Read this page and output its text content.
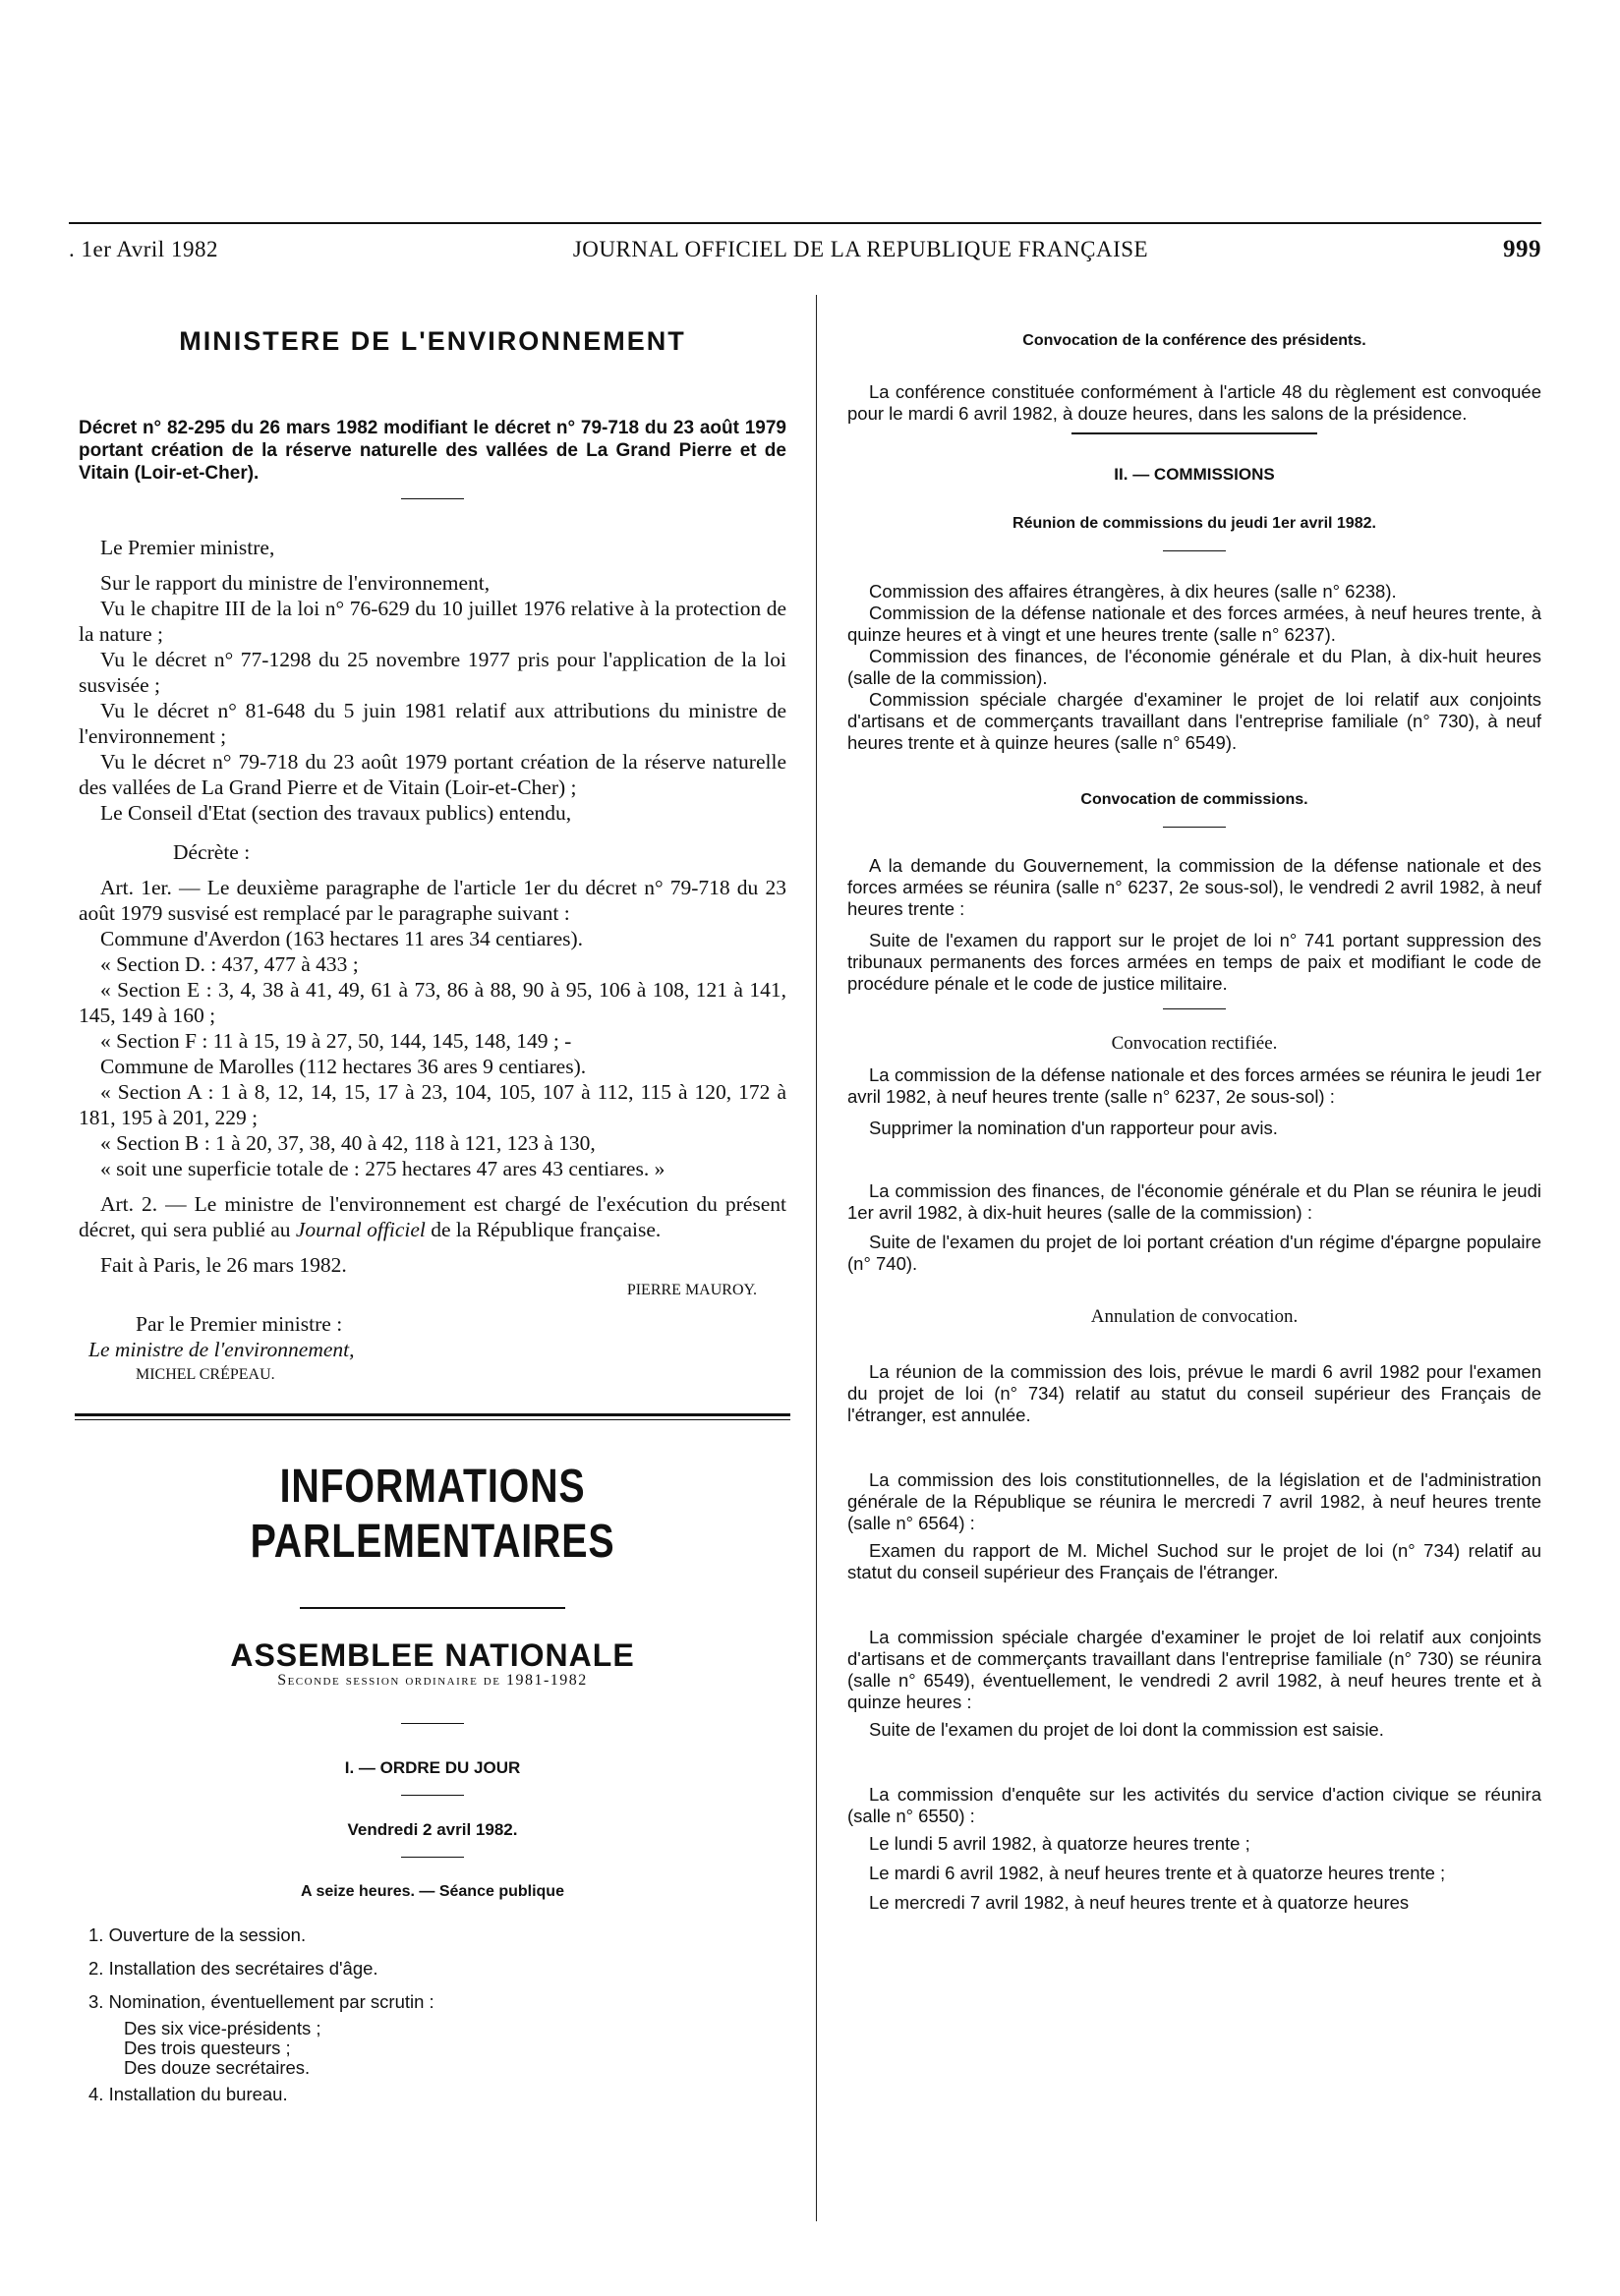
. 1er Avril 1982	JOURNAL OFFICIEL DE LA REPUBLIQUE FRANÇAISE	999
MINISTERE DE L'ENVIRONNEMENT

Décret n° 82-295 du 26 mars 1982 modifiant le décret n° 79-718 du 23 août 1979 portant création de la réserve naturelle des vallées de La Grand Pierre et de Vitain (Loir-et-Cher).

Le Premier ministre,

Sur le rapport du ministre de l'environnement,

Vu le chapitre III de la loi n° 76-629 du 10 juillet 1976 relative à la protection de la nature ;

Vu le décret n° 77-1298 du 25 novembre 1977 pris pour l'application de la loi susvisée ;

Vu le décret n° 81-648 du 5 juin 1981 relatif aux attributions du ministre de l'environnement ;

Vu le décret n° 79-718 du 23 août 1979 portant création de la réserve naturelle des vallées de La Grand Pierre et de Vitain (Loir-et-Cher) ;

Le Conseil d'Etat (section des travaux publics) entendu,

Décrète :

Art. 1er. — Le deuxième paragraphe de l'article 1er du décret n° 79-718 du 23 août 1979 susvisé est remplacé par le paragraphe suivant :

Commune d'Averdon (163 hectares 11 ares 34 centiares).

« Section D. : 437, 477 à 433 ;

« Section E : 3, 4, 38 à 41, 49, 61 à 73, 86 à 88, 90 à 95, 106 à 108, 121 à 141, 145, 149 à 160 ;

« Section F : 11 à 15, 19 à 27, 50, 144, 145, 148, 149 ; -

Commune de Marolles (112 hectares 36 ares 9 centiares).

« Section A : 1 à 8, 12, 14, 15, 17 à 23, 104, 105, 107 à 112, 115 à 120, 172 à 181, 195 à 201, 229 ;

« Section B : 1 à 20, 37, 38, 40 à 42, 118 à 121, 123 à 130,

« soit une superficie totale de : 275 hectares 47 ares 43 centiares. »

Art. 2. — Le ministre de l'environnement est chargé de l'exécution du présent décret, qui sera publié au Journal officiel de la République française.

Fait à Paris, le 26 mars 1982.

PIERRE MAUROY.

Par le Premier ministre :

Le ministre de l'environnement,

MICHEL CRÉPEAU.

INFORMATIONS PARLEMENTAIRES
ASSEMBLEE NATIONALE
Seconde session ordinaire de 1981-1982

I. — ORDRE DU JOUR

Vendredi 2 avril 1982.

A seize heures. — Séance publique

1. Ouverture de la session.

2. Installation des secrétaires d'âge.

3. Nomination, éventuellement par scrutin :

Des six vice-présidents ;

Des trois questeurs ;

Des douze secrétaires.

4. Installation du bureau.

Convocation de la conférence des présidents.

La conférence constituée conformément à l'article 48 du règlement est convoquée pour le mardi 6 avril 1982, à douze heures, dans les salons de la présidence.

II. — COMMISSIONS

Réunion de commissions du jeudi 1er avril 1982.

Commission des affaires étrangères, à dix heures (salle n° 6238).

Commission de la défense nationale et des forces armées, à neuf heures trente, à quinze heures et à vingt et une heures trente (salle n° 6237).

Commission des finances, de l'économie générale et du Plan, à dix-huit heures (salle de la commission).

Commission spéciale chargée d'examiner le projet de loi relatif aux conjoints d'artisans et de commerçants travaillant dans l'entreprise familiale (n° 730), à neuf heures trente et à quinze heures (salle n° 6549).

Convocation de commissions.

A la demande du Gouvernement, la commission de la défense nationale et des forces armées se réunira (salle n° 6237, 2e sous-sol), le vendredi 2 avril 1982, à neuf heures trente :

Suite de l'examen du rapport sur le projet de loi n° 741 portant suppression des tribunaux permanents des forces armées en temps de paix et modifiant le code de procédure pénale et le code de justice militaire.

Convocation rectifiée.

La commission de la défense nationale et des forces armées se réunira le jeudi 1er avril 1982, à neuf heures trente (salle n° 6237, 2e sous-sol) :

Supprimer la nomination d'un rapporteur pour avis.

La commission des finances, de l'économie générale et du Plan se réunira le jeudi 1er avril 1982, à dix-huit heures (salle de la commission) :

Suite de l'examen du projet de loi portant création d'un régime d'épargne populaire (n° 740).

Annulation de convocation.

La réunion de la commission des lois, prévue le mardi 6 avril 1982 pour l'examen du projet de loi (n° 734) relatif au statut du conseil supérieur des Français de l'étranger, est annulée.

La commission des lois constitutionnelles, de la législation et de l'administration générale de la République se réunira le mercredi 7 avril 1982, à neuf heures trente (salle n° 6564) :

Examen du rapport de M. Michel Suchod sur le projet de loi (n° 734) relatif au statut du conseil supérieur des Français de l'étranger.

La commission spéciale chargée d'examiner le projet de loi relatif aux conjoints d'artisans et de commerçants travaillant dans l'entreprise familiale (n° 730) se réunira (salle n° 6549), éventuellement, le vendredi 2 avril 1982, à neuf heures trente et à quinze heures :

Suite de l'examen du projet de loi dont la commission est saisie.

La commission d'enquête sur les activités du service d'action civique se réunira (salle n° 6550) :

Le lundi 5 avril 1982, à quatorze heures trente ;

Le mardi 6 avril 1982, à neuf heures trente et à quatorze heures trente ;

Le mercredi 7 avril 1982, à neuf heures trente et à quatorze heures
